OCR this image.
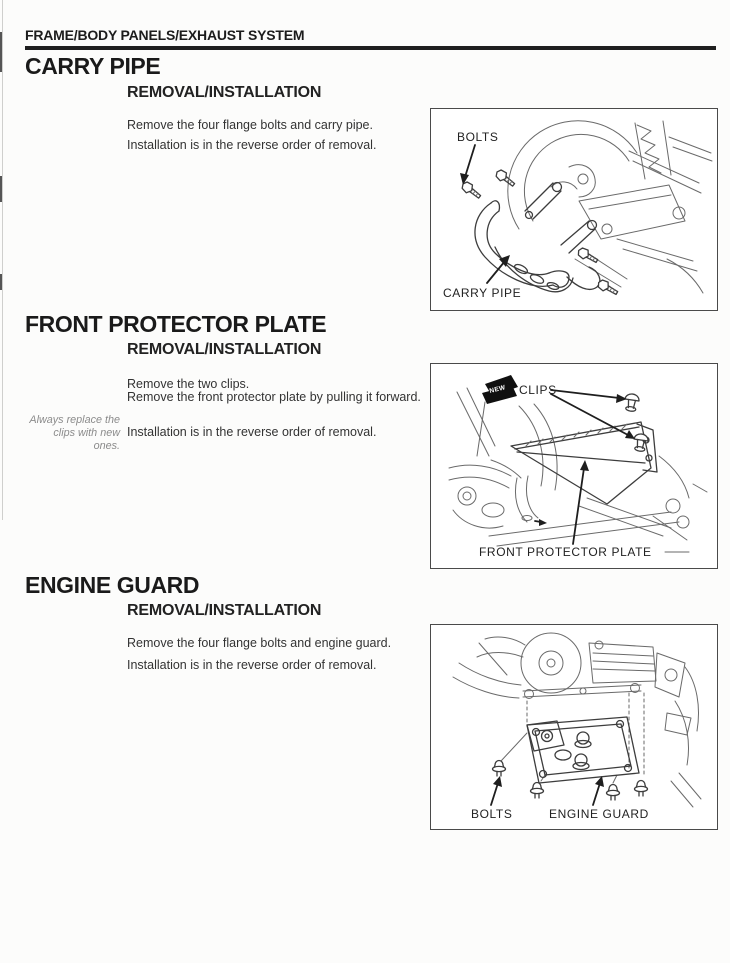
FRAME/BODY PANELS/EXHAUST SYSTEM
CARRY PIPE
REMOVAL/INSTALLATION

Remove the four flange bolts and carry pipe.

Installation is in the reverse order of removal.

BOLTS
CARRY PIPE
FRONT PROTECTOR PLATE
REMOVAL/INSTALLATION

Remove the two clips.

Remove the front protector plate by pulling it forward.

Always replace the clips with new ones.

Installation is in the reverse order of removal.

NEW CLIPS
FRONT PROTECTOR PLATE
ENGINE GUARD
REMOVAL/INSTALLATION

Remove the four flange bolts and engine guard.

Installation is in the reverse order of removal.

BOLTS	ENGINE GUARD
